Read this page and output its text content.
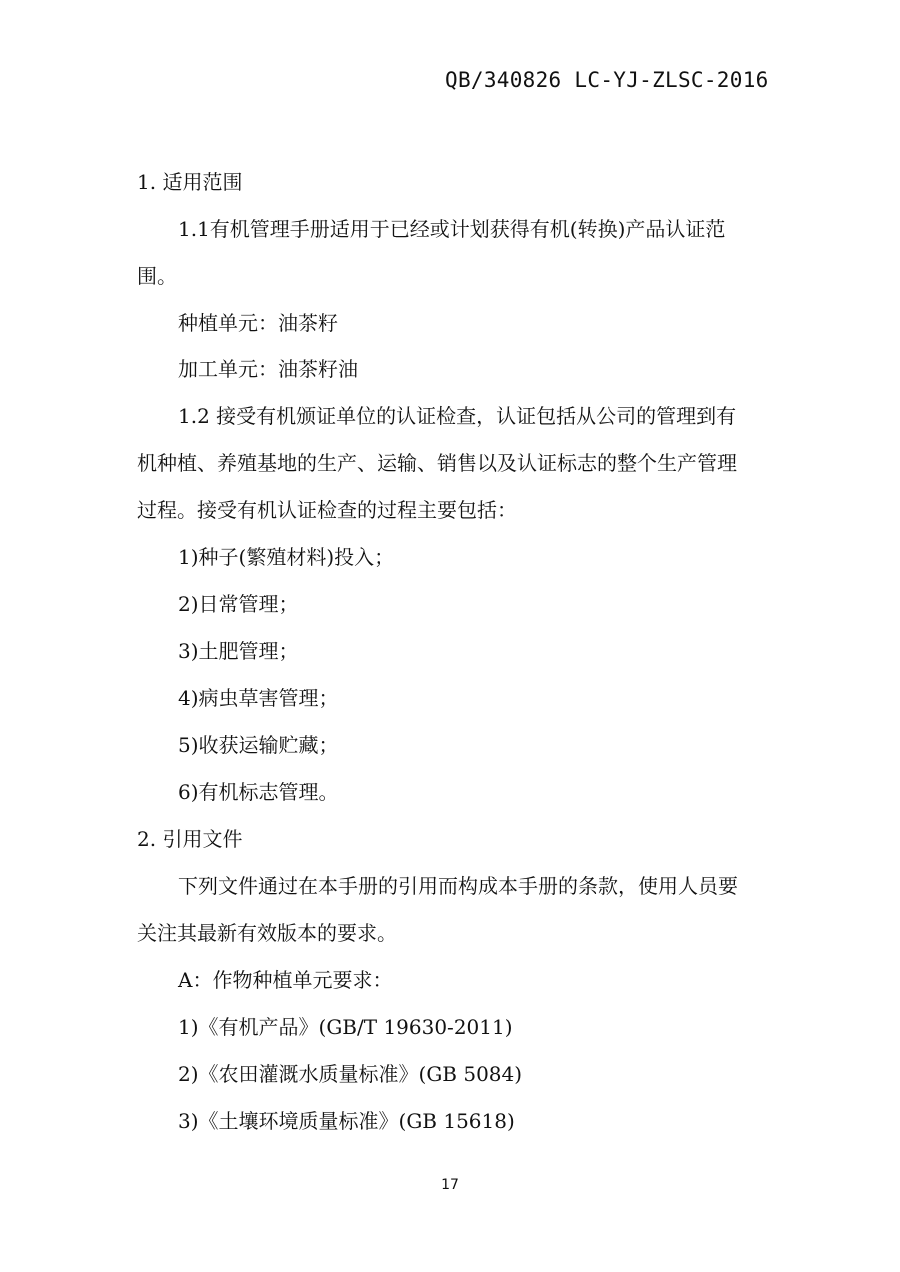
QB/340826 LC-YJ-ZLSC-2016
1. 适用范围
1.1有机管理手册适用于已经或计划获得有机(转换)产品认证范
围。
种植单元：油茶籽
加工单元：油茶籽油
1.2 接受有机颁证单位的认证检查，认证包括从公司的管理到有
机种植、养殖基地的生产、运输、销售以及认证标志的整个生产管理
过程。接受有机认证检查的过程主要包括：
1)种子(繁殖材料)投入；
2)日常管理；
3)土肥管理；
4)病虫草害管理；
5)收获运输贮藏；
6)有机标志管理。
2. 引用文件
下列文件通过在本手册的引用而构成本手册的条款，使用人员要
关注其最新有效版本的要求。
A：作物种植单元要求：
1)《有机产品》(GB/T 19630-2011)
2)《农田灌溉水质量标准》(GB 5084)
3)《土壤环境质量标准》(GB 15618)
17
